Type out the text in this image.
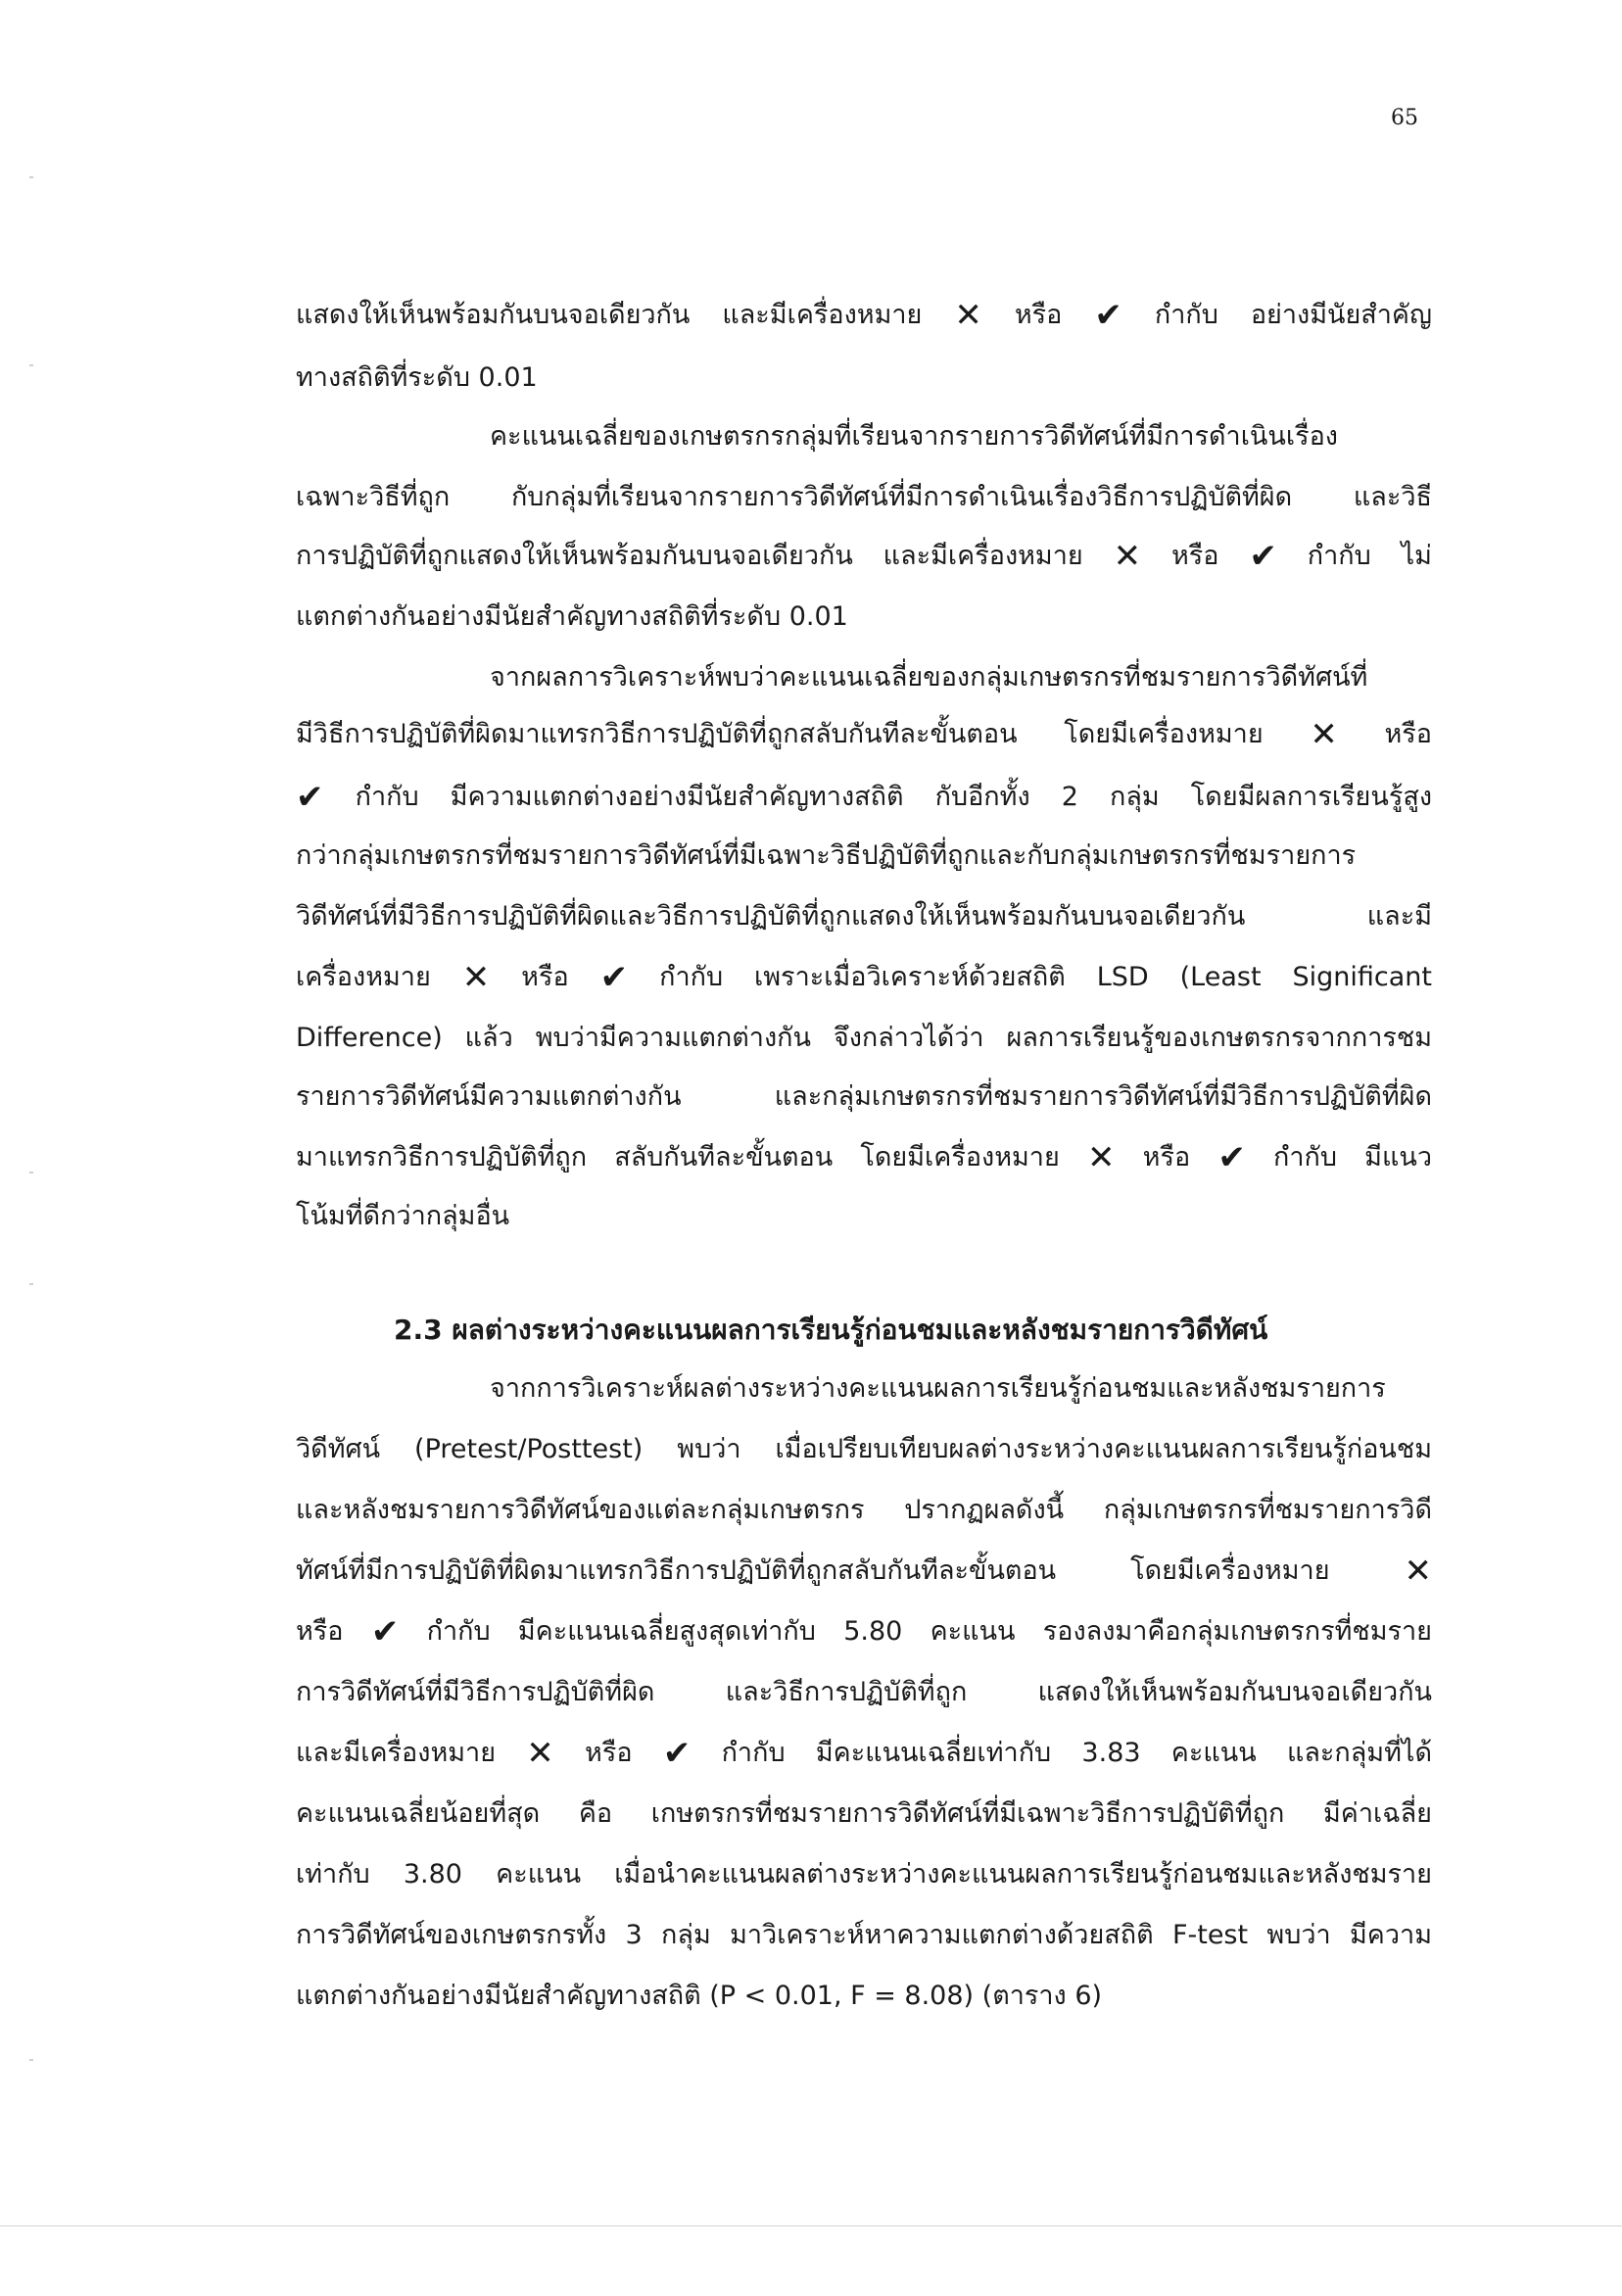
65
แสดงให้เห็นพร้อมกันบนจอเดียวกัน และมีเครื่องหมาย ✕ หรือ ✔ กำกับ อย่างมีนัยสำคัญ
ทางสถิติที่ระดับ 0.01
คะแนนเฉลี่ยของเกษตรกรกลุ่มที่เรียนจากรายการวิดีทัศน์ที่มีการดำเนินเรื่อง
เฉพาะวิธีที่ถูก กับกลุ่มที่เรียนจากรายการวิดีทัศน์ที่มีการดำเนินเรื่องวิธีการปฏิบัติที่ผิด และวิธี
การปฏิบัติที่ถูกแสดงให้เห็นพร้อมกันบนจอเดียวกัน และมีเครื่องหมาย ✕ หรือ ✔ กำกับ ไม่
แตกต่างกันอย่างมีนัยสำคัญทางสถิติที่ระดับ 0.01
จากผลการวิเคราะห์พบว่าคะแนนเฉลี่ยของกลุ่มเกษตรกรที่ชมรายการวิดีทัศน์ที่
มีวิธีการปฏิบัติที่ผิดมาแทรกวิธีการปฏิบัติที่ถูกสลับกันทีละขั้นตอน โดยมีเครื่องหมาย ✕ หรือ
✔ กำกับ มีความแตกต่างอย่างมีนัยสำคัญทางสถิติ กับอีกทั้ง 2 กลุ่ม โดยมีผลการเรียนรู้สูง
กว่ากลุ่มเกษตรกรที่ชมรายการวิดีทัศน์ที่มีเฉพาะวิธีปฏิบัติที่ถูกและกับกลุ่มเกษตรกรที่ชมรายการ
วิดีทัศน์ที่มีวิธีการปฏิบัติที่ผิดและวิธีการปฏิบัติที่ถูกแสดงให้เห็นพร้อมกันบนจอเดียวกัน และมี
เครื่องหมาย ✕ หรือ ✔ กำกับ เพราะเมื่อวิเคราะห์ด้วยสถิติ LSD (Least Significant
Difference) แล้ว พบว่ามีความแตกต่างกัน จึงกล่าวได้ว่า ผลการเรียนรู้ของเกษตรกรจากการชม
รายการวิดีทัศน์มีความแตกต่างกัน และกลุ่มเกษตรกรที่ชมรายการวิดีทัศน์ที่มีวิธีการปฏิบัติที่ผิด
มาแทรกวิธีการปฏิบัติที่ถูก สลับกันทีละขั้นตอน โดยมีเครื่องหมาย ✕ หรือ ✔ กำกับ มีแนว
โน้มที่ดีกว่ากลุ่มอื่น
2.3 ผลต่างระหว่างคะแนนผลการเรียนรู้ก่อนชมและหลังชมรายการวิดีทัศน์
จากการวิเคราะห์ผลต่างระหว่างคะแนนผลการเรียนรู้ก่อนชมและหลังชมรายการ
วิดีทัศน์ (Pretest/Posttest) พบว่า เมื่อเปรียบเทียบผลต่างระหว่างคะแนนผลการเรียนรู้ก่อนชม
และหลังชมรายการวิดีทัศน์ของแต่ละกลุ่มเกษตรกร ปรากฏผลดังนี้ กลุ่มเกษตรกรที่ชมรายการวิดี
ทัศน์ที่มีการปฏิบัติที่ผิดมาแทรกวิธีการปฏิบัติที่ถูกสลับกันทีละขั้นตอน โดยมีเครื่องหมาย ✕
หรือ ✔ กำกับ มีคะแนนเฉลี่ยสูงสุดเท่ากับ 5.80 คะแนน รองลงมาคือกลุ่มเกษตรกรที่ชมราย
การวิดีทัศน์ที่มีวิธีการปฏิบัติที่ผิด และวิธีการปฏิบัติที่ถูก แสดงให้เห็นพร้อมกันบนจอเดียวกัน
และมีเครื่องหมาย ✕ หรือ ✔ กำกับ มีคะแนนเฉลี่ยเท่ากับ 3.83 คะแนน และกลุ่มที่ได้
คะแนนเฉลี่ยน้อยที่สุด คือ เกษตรกรที่ชมรายการวิดีทัศน์ที่มีเฉพาะวิธีการปฏิบัติที่ถูก มีค่าเฉลี่ย
เท่ากับ 3.80 คะแนน เมื่อนำคะแนนผลต่างระหว่างคะแนนผลการเรียนรู้ก่อนชมและหลังชมราย
การวิดีทัศน์ของเกษตรกรทั้ง 3 กลุ่ม มาวิเคราะห์หาความแตกต่างด้วยสถิติ F-test พบว่า มีความ
แตกต่างกันอย่างมีนัยสำคัญทางสถิติ (P < 0.01, F = 8.08) (ตาราง 6)
